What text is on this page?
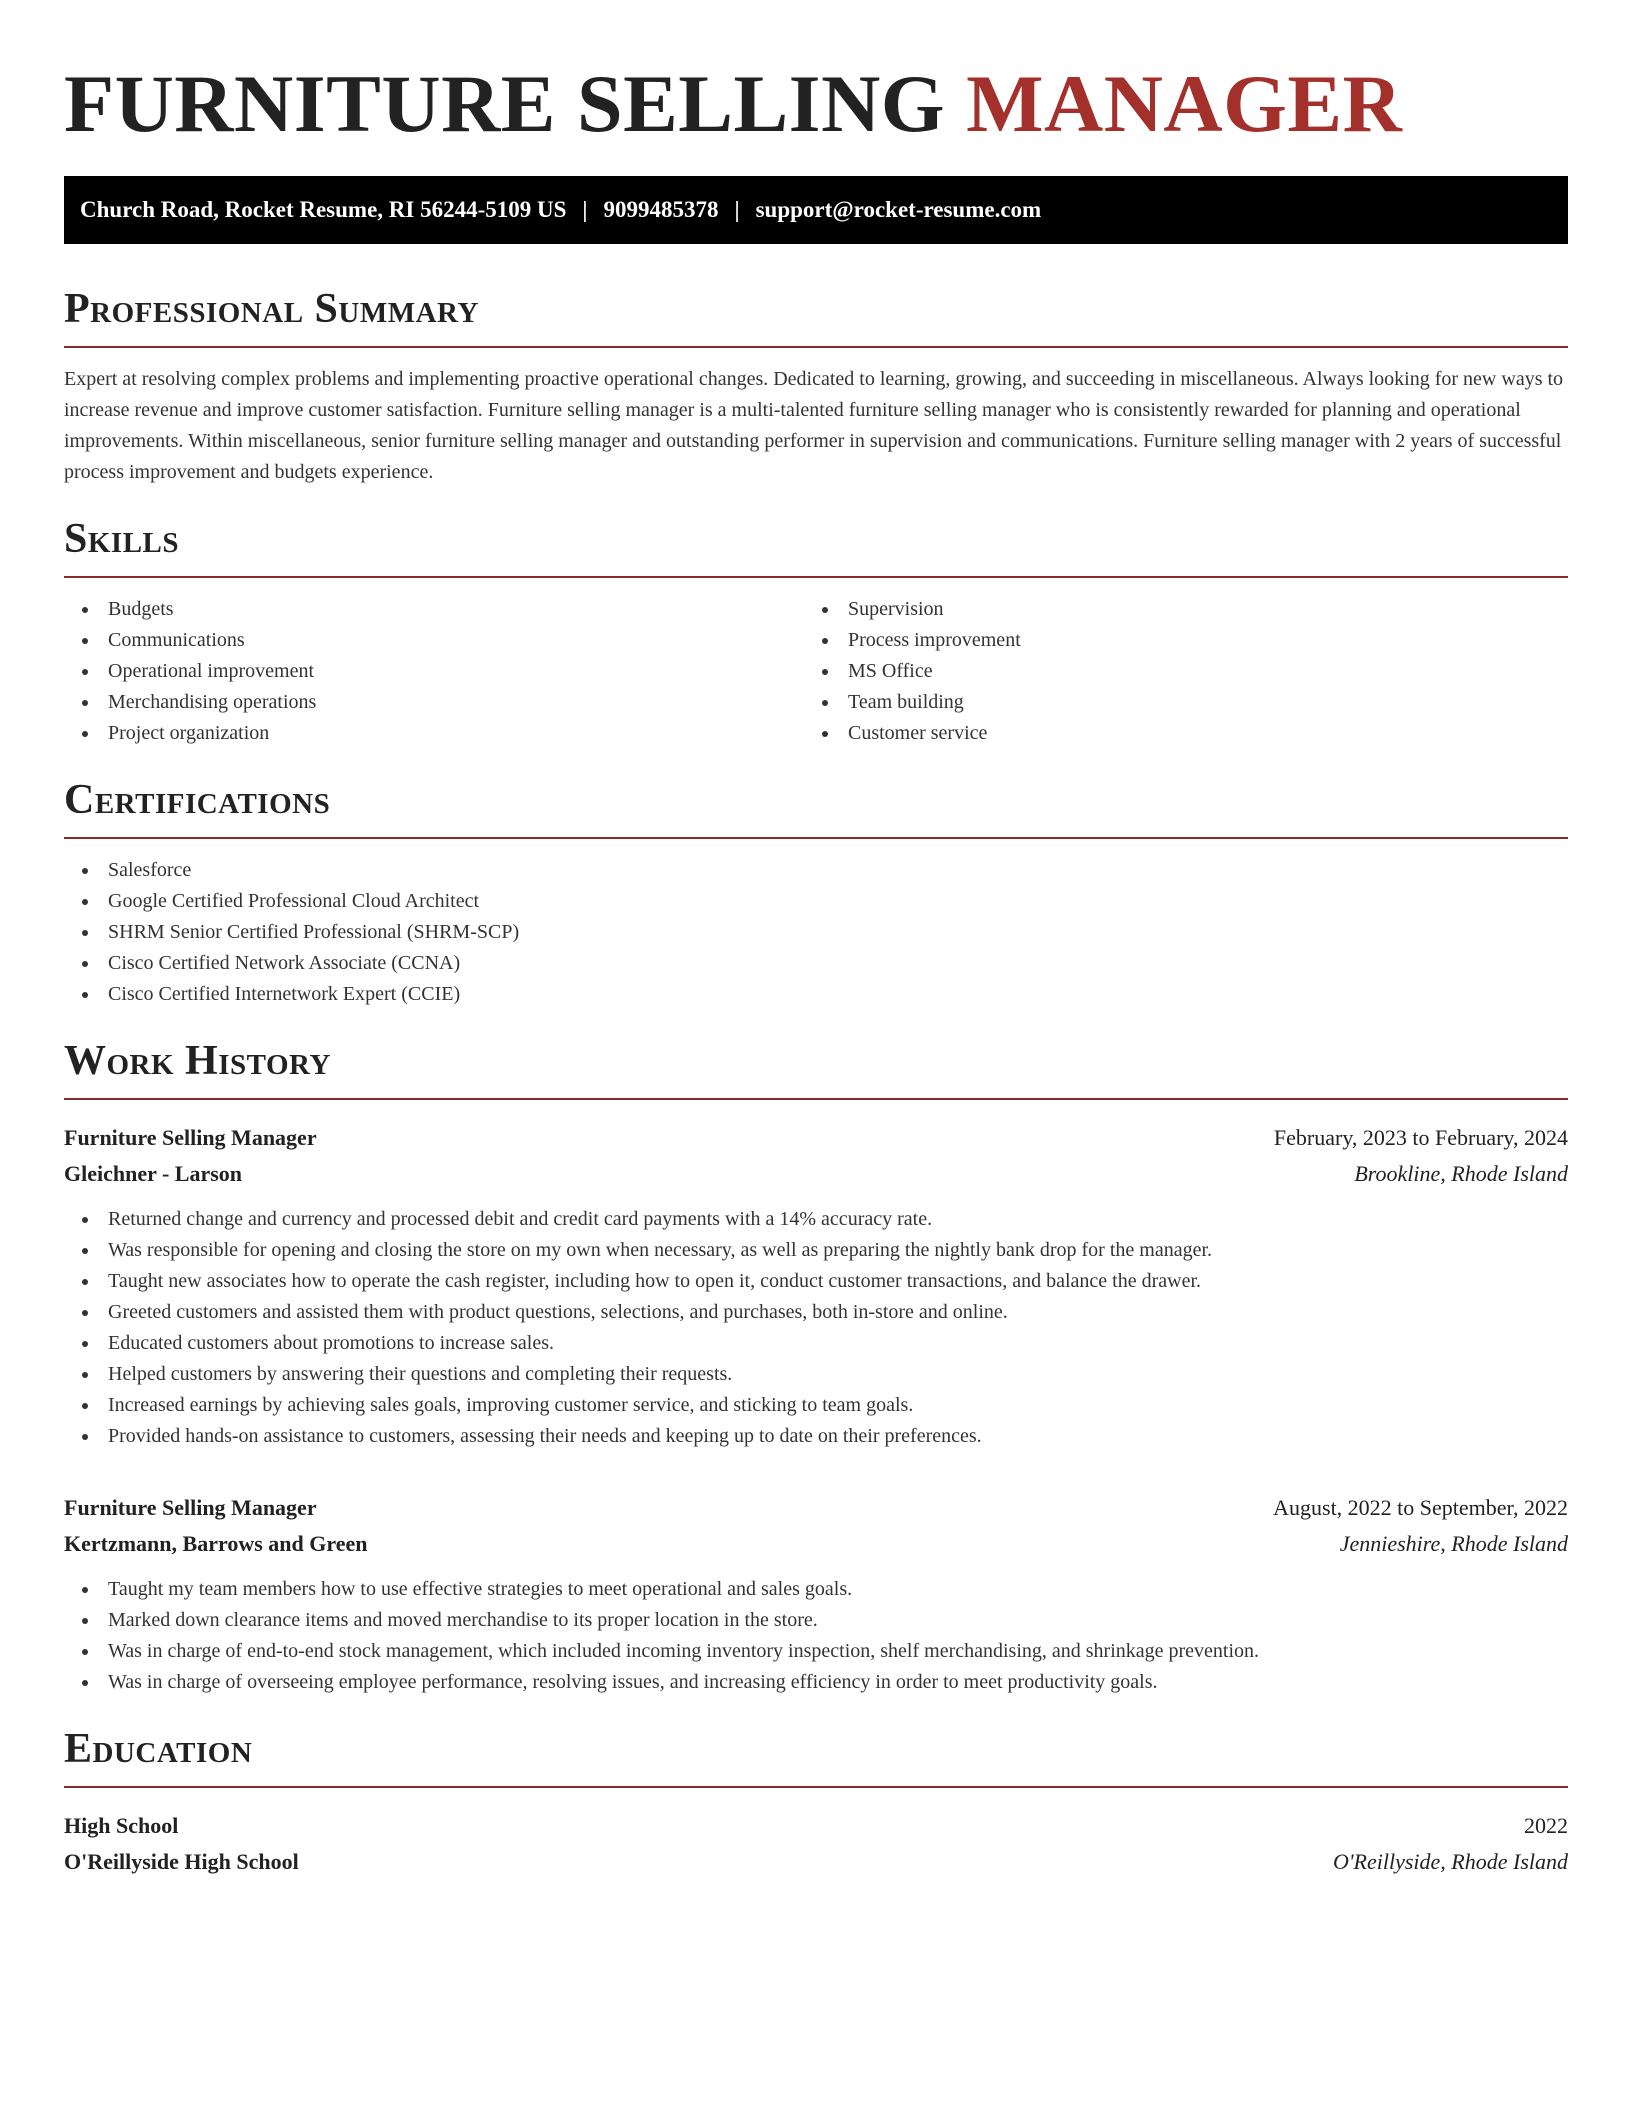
FURNITURE SELLING MANAGER
Church Road, Rocket Resume, RI 56244-5109 US | 9099485378 | support@rocket-resume.com
Professional Summary

Expert at resolving complex problems and implementing proactive operational changes. Dedicated to learning, growing, and succeeding in miscellaneous. Always looking for new ways to increase revenue and improve customer satisfaction. Furniture selling manager is a multi-talented furniture selling manager who is consistently rewarded for planning and operational improvements. Within miscellaneous, senior furniture selling manager and outstanding performer in supervision and communications. Furniture selling manager with 2 years of successful process improvement and budgets experience.

Skills
Budgets
Communications
Operational improvement
Merchandising operations
Project organization
Supervision
Process improvement
MS Office
Team building
Customer service
Certifications
Salesforce
Google Certified Professional Cloud Architect
SHRM Senior Certified Professional (SHRM-SCP)
Cisco Certified Network Associate (CCNA)
Cisco Certified Internetwork Expert (CCIE)
Work History
Furniture Selling Manager	February, 2023 to February, 2024
Gleichner - Larson	Brookline, Rhode Island
Returned change and currency and processed debit and credit card payments with a 14% accuracy rate.
Was responsible for opening and closing the store on my own when necessary, as well as preparing the nightly bank drop for the manager.
Taught new associates how to operate the cash register, including how to open it, conduct customer transactions, and balance the drawer.
Greeted customers and assisted them with product questions, selections, and purchases, both in-store and online.
Educated customers about promotions to increase sales.
Helped customers by answering their questions and completing their requests.
Increased earnings by achieving sales goals, improving customer service, and sticking to team goals.
Provided hands-on assistance to customers, assessing their needs and keeping up to date on their preferences.
Furniture Selling Manager	August, 2022 to September, 2022
Kertzmann, Barrows and Green	Jennieshire, Rhode Island
Taught my team members how to use effective strategies to meet operational and sales goals.
Marked down clearance items and moved merchandise to its proper location in the store.
Was in charge of end-to-end stock management, which included incoming inventory inspection, shelf merchandising, and shrinkage prevention.
Was in charge of overseeing employee performance, resolving issues, and increasing efficiency in order to meet productivity goals.
Education
High School	2022
O'Reillyside High School	O'Reillyside, Rhode Island
